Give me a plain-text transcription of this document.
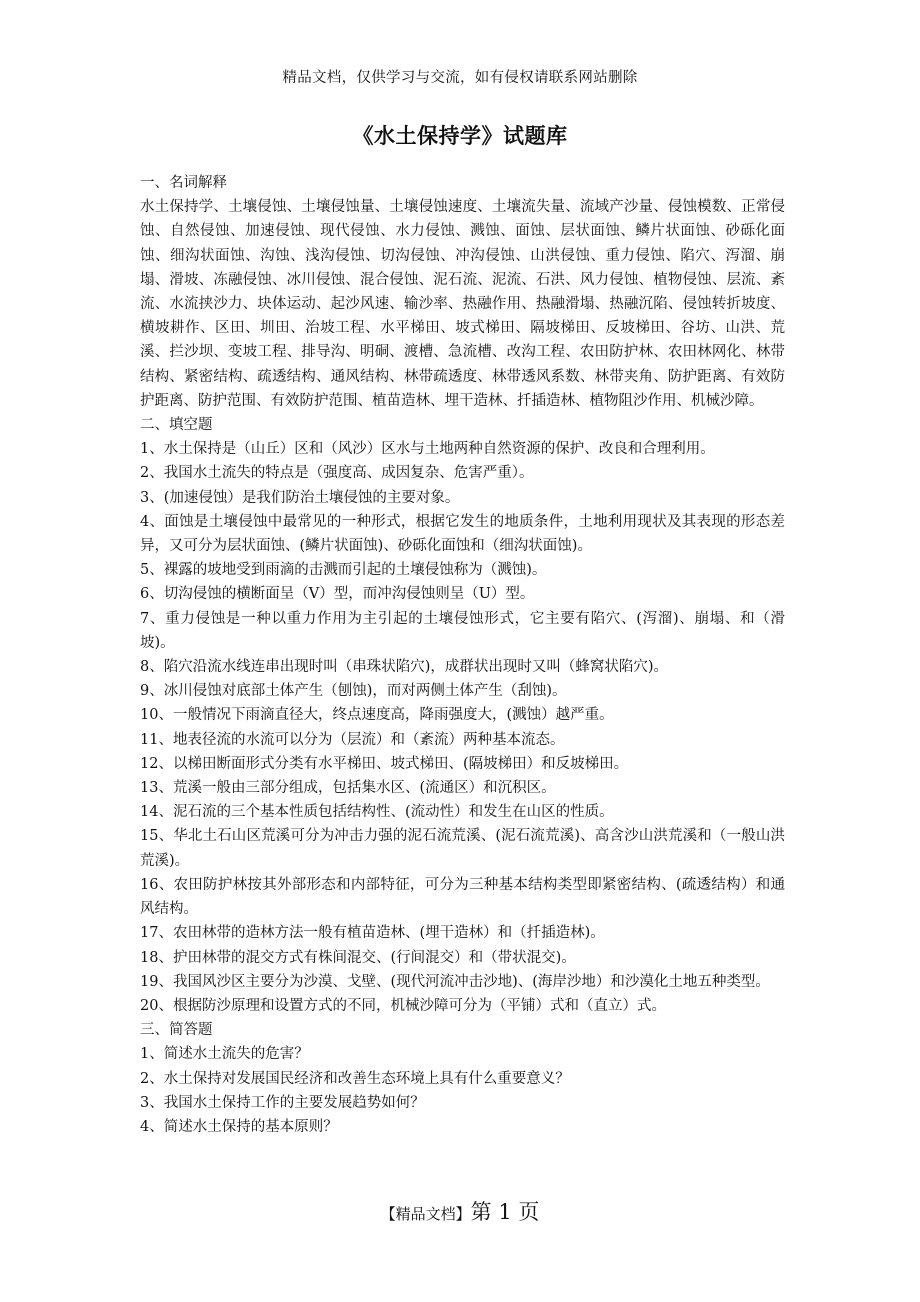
精品文档，仅供学习与交流，如有侵权请联系网站删除
《水土保持学》试题库

一、名词解释

水土保持学、土壤侵蚀、土壤侵蚀量、土壤侵蚀速度、土壤流失量、流域产沙量、侵蚀模数、正常侵蚀、自然侵蚀、加速侵蚀、现代侵蚀、水力侵蚀、溅蚀、面蚀、层状面蚀、鳞片状面蚀、砂砾化面蚀、细沟状面蚀、沟蚀、浅沟侵蚀、切沟侵蚀、冲沟侵蚀、山洪侵蚀、重力侵蚀、陷穴、泻溜、崩塌、滑坡、冻融侵蚀、冰川侵蚀、混合侵蚀、泥石流、泥流、石洪、风力侵蚀、植物侵蚀、层流、紊流、水流挟沙力、块体运动、起沙风速、输沙率、热融作用、热融滑塌、热融沉陷、侵蚀转折坡度、横坡耕作、区田、圳田、治坡工程、水平梯田、坡式梯田、隔坡梯田、反坡梯田、谷坊、山洪、荒溪、拦沙坝、变坡工程、排导沟、明硐、渡槽、急流槽、改沟工程、农田防护林、农田林网化、林带结构、紧密结构、疏透结构、通风结构、林带疏透度、林带透风系数、林带夹角、防护距离、有效防护距离、防护范围、有效防护范围、植苗造林、埋干造林、扦插造林、植物阻沙作用、机械沙障。

二、填空题

1、水土保持是（山丘）区和（风沙）区水与土地两种自然资源的保护、改良和合理利用。

2、我国水土流失的特点是（强度高、成因复杂、危害严重）。

3、(加速侵蚀）是我们防治土壤侵蚀的主要对象。

4、面蚀是土壤侵蚀中最常见的一种形式，根据它发生的地质条件，土地利用现状及其表现的形态差异，又可分为层状面蚀、(鳞片状面蚀)、砂砾化面蚀和（细沟状面蚀)。

5、裸露的坡地受到雨滴的击溅而引起的土壤侵蚀称为（溅蚀)。

6、切沟侵蚀的横断面呈（V）型，而冲沟侵蚀则呈（U）型。

7、重力侵蚀是一种以重力作用为主引起的土壤侵蚀形式，它主要有陷穴、(泻溜)、崩塌、和（滑坡)。

8、陷穴沿流水线连串出现时叫（串珠状陷穴)，成群状出现时又叫（蜂窝状陷穴)。

9、冰川侵蚀对底部土体产生（刨蚀)，而对两侧土体产生（刮蚀)。

10、一般情况下雨滴直径大，终点速度高，降雨强度大，(溅蚀）越严重。

11、地表径流的水流可以分为（层流）和（紊流）两种基本流态。

12、以梯田断面形式分类有水平梯田、坡式梯田、(隔坡梯田）和反坡梯田。

13、荒溪一般由三部分组成，包括集水区、(流通区）和沉积区。

14、泥石流的三个基本性质包括结构性、(流动性）和发生在山区的性质。

15、华北土石山区荒溪可分为冲击力强的泥石流荒溪、(泥石流荒溪)、高含沙山洪荒溪和（一般山洪荒溪)。

16、农田防护林按其外部形态和内部特征，可分为三种基本结构类型即紧密结构、(疏透结构）和通风结构。

17、农田林带的造林方法一般有植苗造林、(埋干造林）和（扦插造林)。

18、护田林带的混交方式有株间混交、(行间混交）和（带状混交)。

19、我国风沙区主要分为沙漠、戈壁、(现代河流冲击沙地)、(海岸沙地）和沙漠化土地五种类型。

20、根据防沙原理和设置方式的不同，机械沙障可分为（平铺）式和（直立）式。

三、简答题

1、简述水土流失的危害？

2、水土保持对发展国民经济和改善生态环境上具有什么重要意义？

3、我国水土保持工作的主要发展趋势如何？

4、简述水土保持的基本原则？

【精品文档】第 1 页
